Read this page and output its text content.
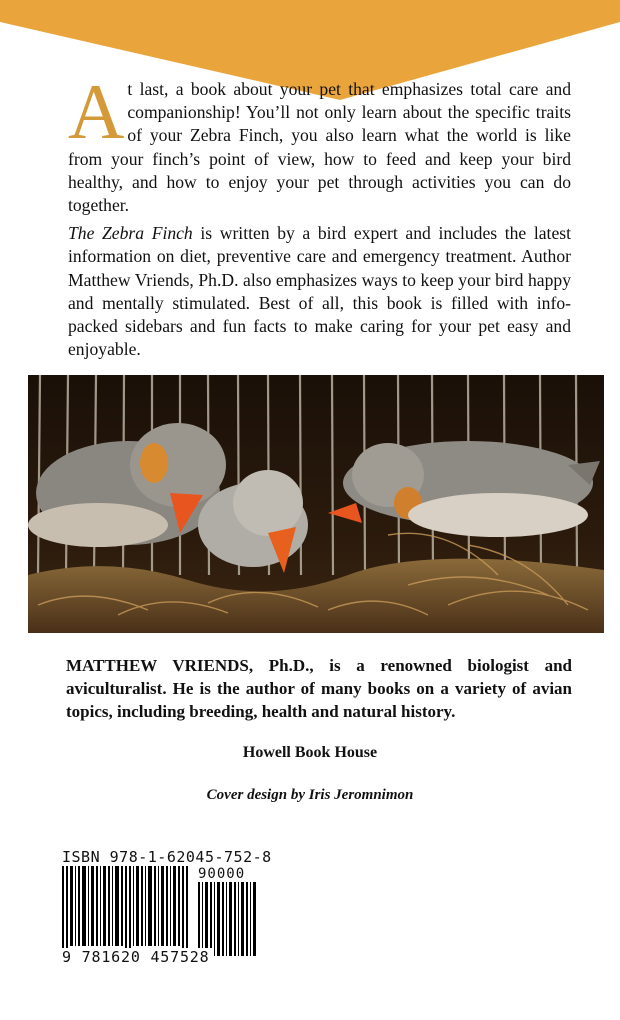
At last, a book about your pet that emphasizes total care and companionship! You’ll not only learn about the specific traits of your Zebra Finch, you also learn what the world is like from your finch’s point of view, how to feed and keep your bird healthy, and how to enjoy your pet through activities you can do together.

The Zebra Finch is written by a bird expert and includes the latest information on diet, preventive care and emergency treatment. Author Matthew Vriends, Ph.D. also emphasizes ways to keep your bird happy and mentally stimulated. Best of all, this book is filled with info-packed sidebars and fun facts to make caring for your pet easy and enjoyable.

MATTHEW VRIENDS, Ph.D., is a renowned biologist and aviculturalist. He is the author of many books on a variety of avian topics, including breeding, health and natural history.

Howell Book House
Cover design by Iris Jeromnimon
ISBN 978-1-62045-752-8
90000
9 781620 457528
